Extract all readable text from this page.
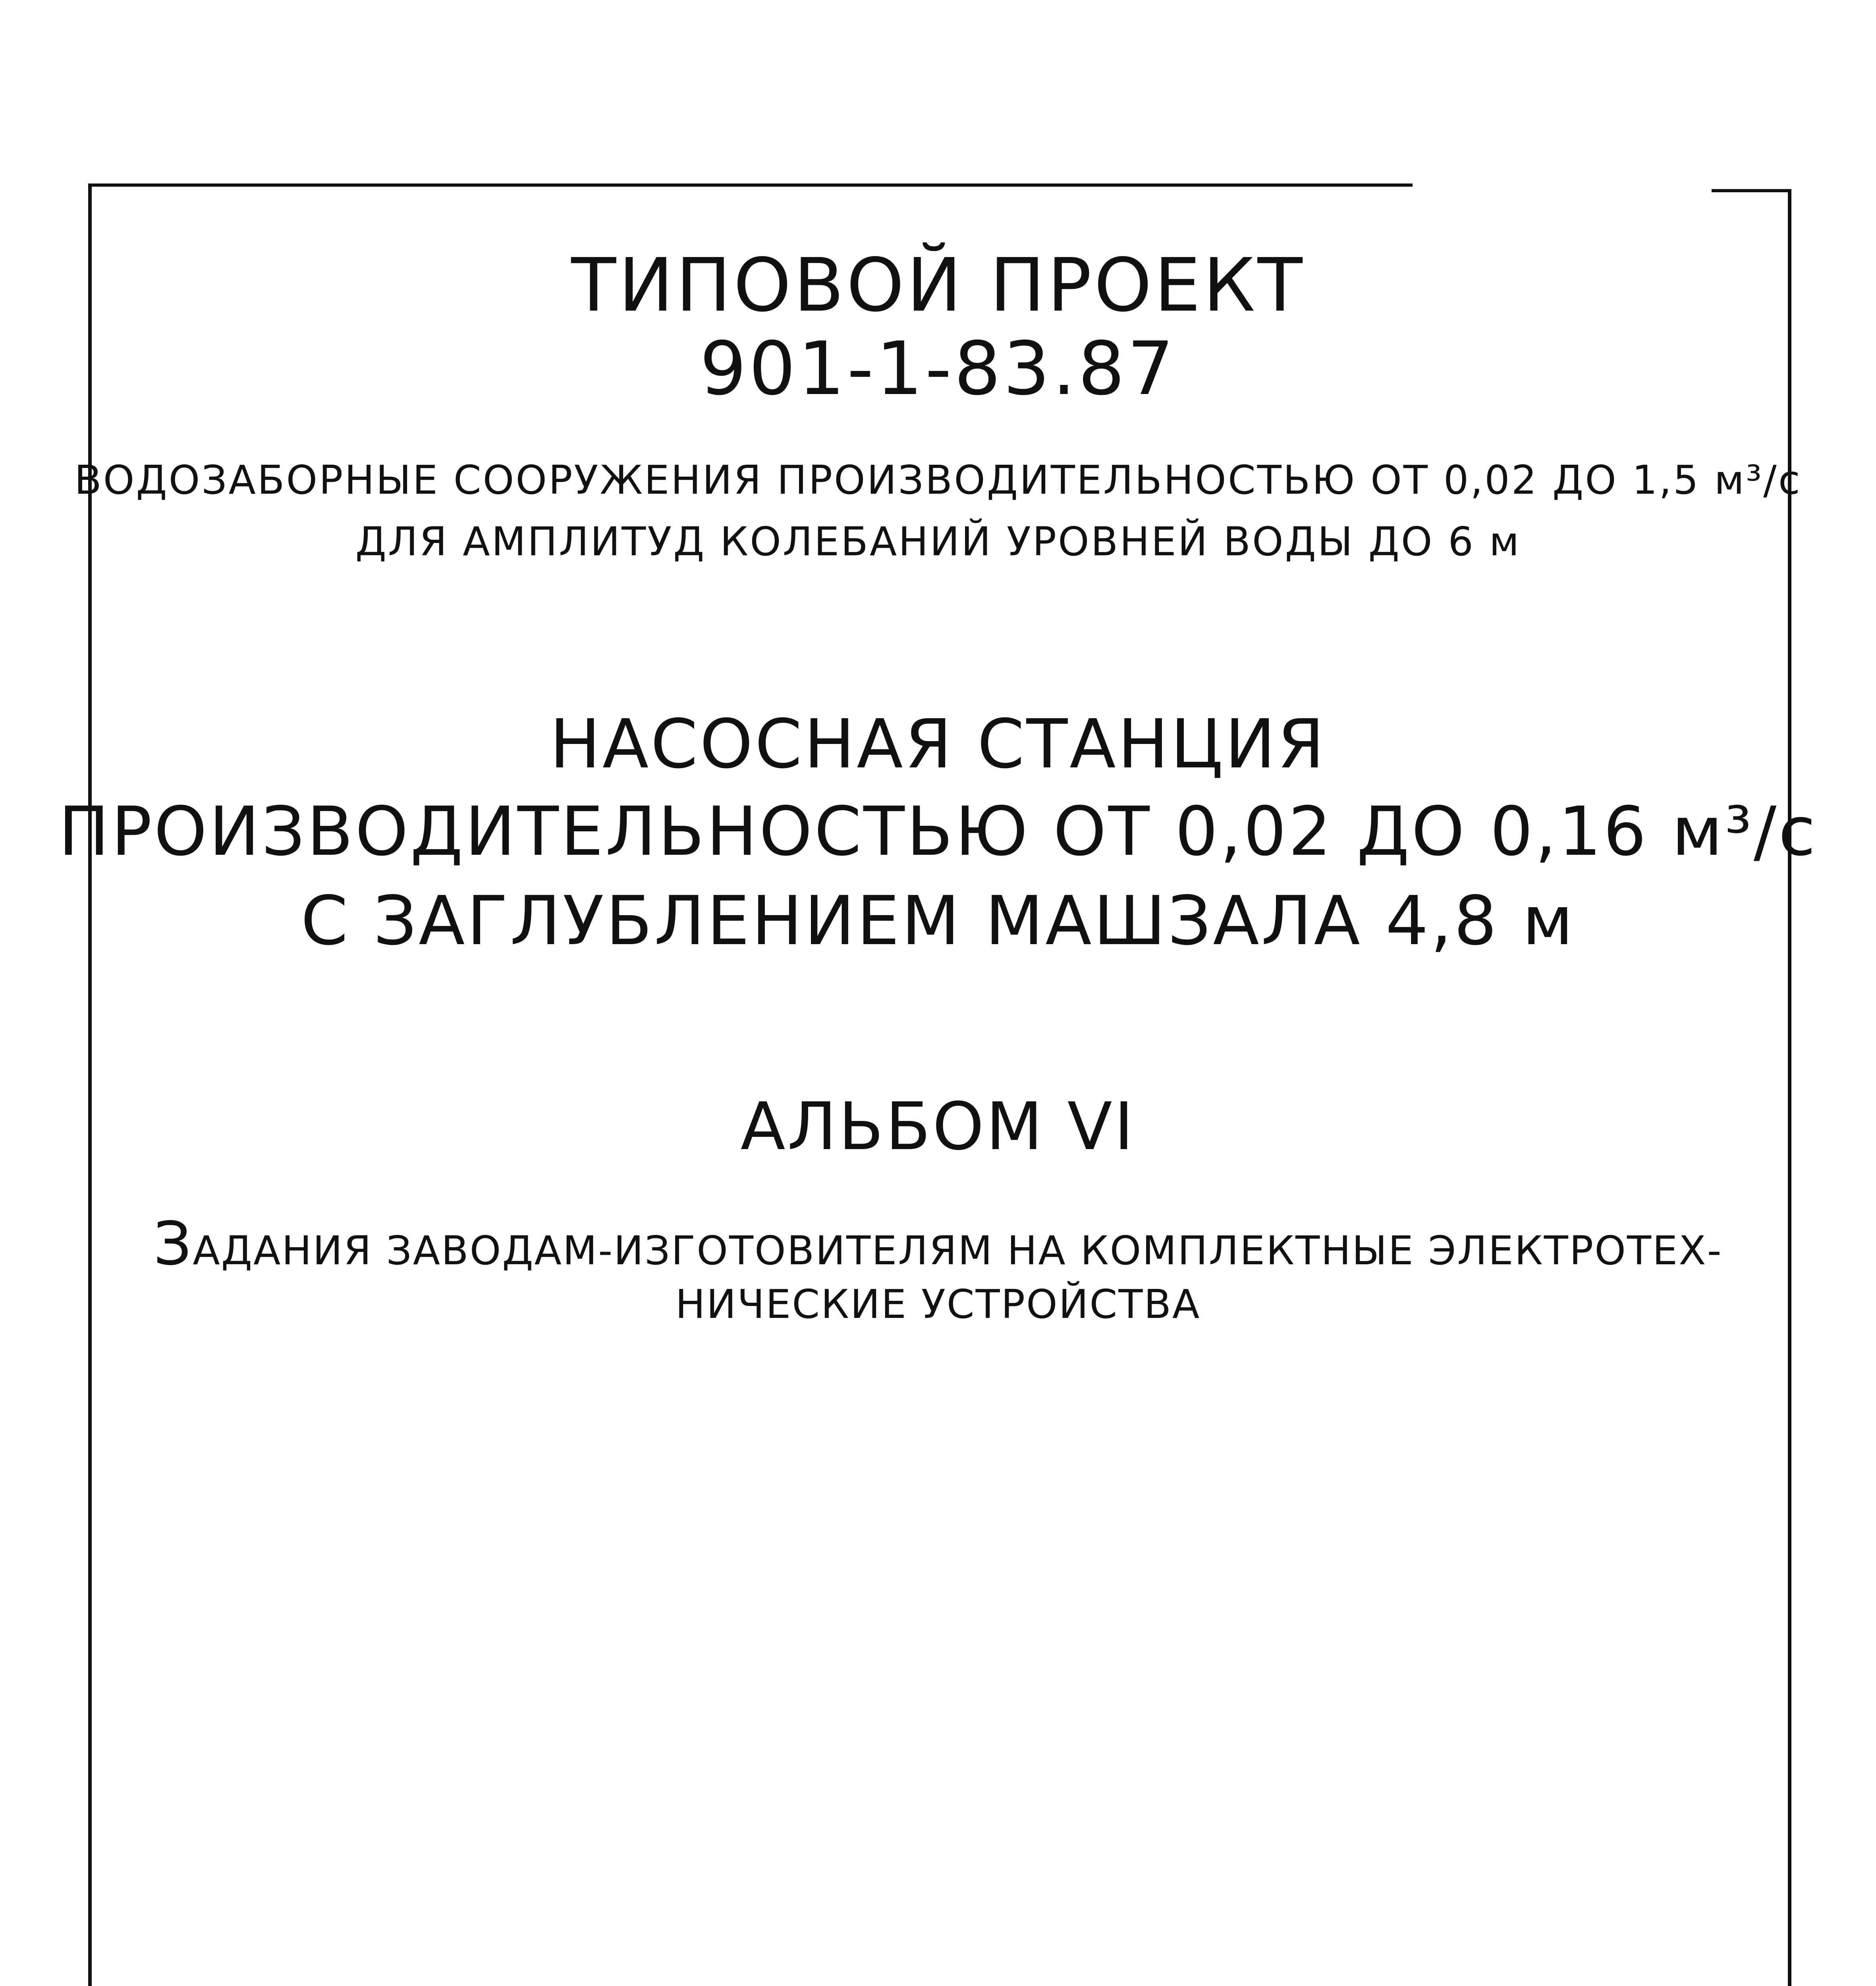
ТИПОВОЙ ПРОЕКТ
901-1-83.87
ВОДОЗАБОРНЫЕ СООРУЖЕНИЯ ПРОИЗВОДИТЕЛЬНОСТЬЮ ОТ 0,02 ДО 1,5 м³/с
ДЛЯ АМПЛИТУД КОЛЕБАНИЙ УРОВНЕЙ ВОДЫ ДО 6 м
НАСОСНАЯ СТАНЦИЯ
ПРОИЗВОДИТЕЛЬНОСТЬЮ ОТ 0,02 ДО 0,16 м³/с
С ЗАГЛУБЛЕНИЕМ МАШЗАЛА 4,8 м
АЛЬБОМ VI
ЗАДАНИЯ ЗАВОДАМ-ИЗГОТОВИТЕЛЯМ НА КОМПЛЕКТНЫЕ ЭЛЕКТРОТЕХ-
НИЧЕСКИЕ УСТРОЙСТВА
